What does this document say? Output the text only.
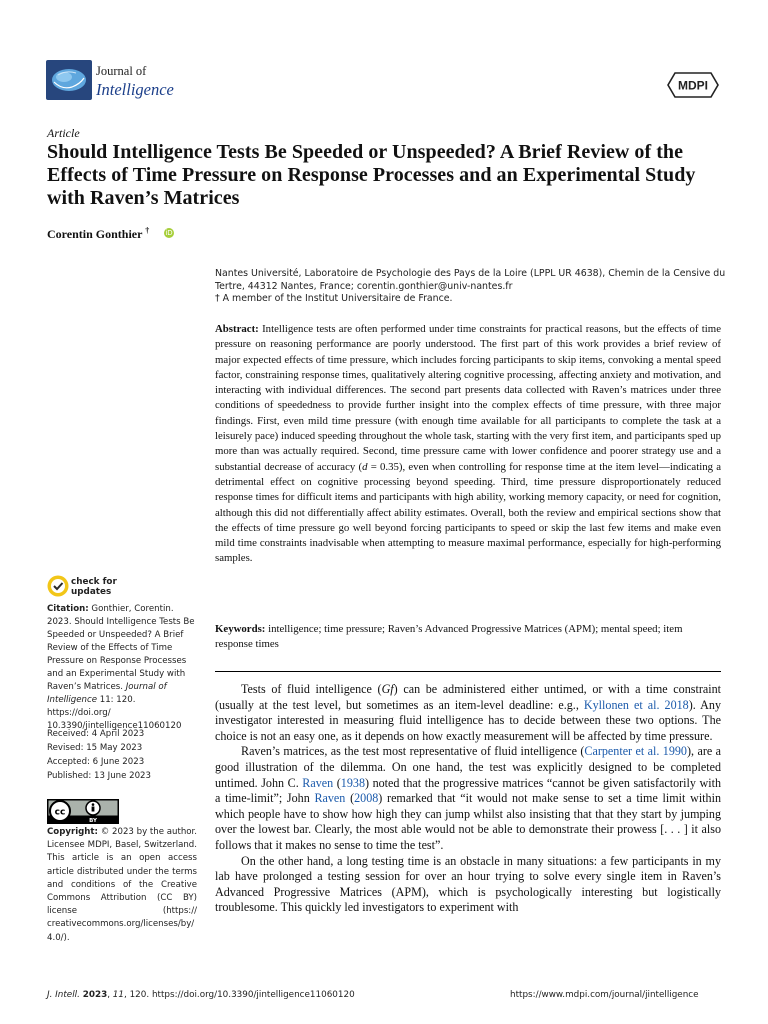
Journal of
Intelligence	MDPI
Article
Should Intelligence Tests Be Speeded or Unspeeded? A Brief Review of the Effects of Time Pressure on Response Processes and an Experimental Study with Raven’s Matrices
Corentin Gonthier † iD
Nantes Université, Laboratoire de Psychologie des Pays de la Loire (LPPL UR 4638), Chemin de la Censive du Tertre, 44312 Nantes, France; corentin.gonthier@univ-nantes.fr
† A member of the Institut Universitaire de France.
Abstract: Intelligence tests are often performed under time constraints for practical reasons, but the effects of time pressure on reasoning performance are poorly understood. The first part of this work provides a brief review of major expected effects of time pressure, which includes forcing participants to skip items, convoking a mental speed factor, constraining response times, qualitatively altering cognitive processing, affecting anxiety and motivation, and interacting with individual differences. The second part presents data collected with Raven’s matrices under three conditions of speededness to provide further insight into the complex effects of time pressure, with three major findings. First, even mild time pressure (with enough time available for all participants to complete the task at a leisurely pace) induced speeding throughout the whole task, starting with the very first item, and participants sped up more than was actually required. Second, time pressure came with lower confidence and poorer strategy use and a substantial decrease of accuracy (d = 0.35), even when controlling for response time at the item level—indicating a detrimental effect on cognitive processing beyond speeding. Third, time pressure disproportionately reduced response times for difficult items and participants with high ability, working memory capacity, or need for cognition, although this did not differentially affect ability estimates. Overall, both the review and empirical sections show that the effects of time pressure go well beyond forcing participants to speed or skip the last few items and make even mild time constraints inadvisable when attempting to measure maximal performance, especially for high-performing samples.
Keywords: intelligence; time pressure; Raven’s Advanced Progressive Matrices (APM); mental speed; item response times
check for
updates
Citation: Gonthier, Corentin. 2023. Should Intelligence Tests Be Speeded or Unspeeded? A Brief Review of the Effects of Time Pressure on Response Processes and an Experimental Study with Raven’s Matrices. Journal of Intelligence 11: 120. https://doi.org/ 10.3390/jintelligence11060120
Received: 4 April 2023
Revised: 15 May 2023
Accepted: 6 June 2023
Published: 13 June 2023
cc
BY
Copyright: © 2023 by the author. Licensee MDPI, Basel, Switzerland. This article is an open access article distributed under the terms and conditions of the Creative Commons Attribution (CC BY) license (https:// creativecommons.org/licenses/by/ 4.0/).

Tests of fluid intelligence (Gf) can be administered either untimed, or with a time constraint (usually at the test level, but sometimes as an item-level deadline: e.g., Kyllonen et al. 2018). Any investigator interested in measuring fluid intelligence has to decide between these two options. The choice is not an easy one, as it depends on how exactly measurement will be affected by time pressure.

Raven’s matrices, as the test most representative of fluid intelligence (Carpenter et al. 1990), are a good illustration of the dilemma. On one hand, the test was explicitly designed to be completed untimed. John C. Raven (1938) noted that the progressive matrices “cannot be given satisfactorily with a time-limit”; John Raven (2008) remarked that “it would not make sense to set a time limit within which people have to show how high they can jump whilst also insisting that that they start by jumping over the lowest bar. Clearly, the most able would not be able to demonstrate their prowess [. . . ] it also follows that it makes no sense to time the test”.

On the other hand, a long testing time is an obstacle in many situations: a few participants in my lab have prolonged a testing session for over an hour trying to solve every single item in Raven’s Advanced Progressive Matrices (APM), which is psychologically interesting but logistically troublesome. This quickly led investigators to experiment with

J. Intell. 2023, 11, 120. https://doi.org/10.3390/jintelligence11060120	https://www.mdpi.com/journal/jintelligence
